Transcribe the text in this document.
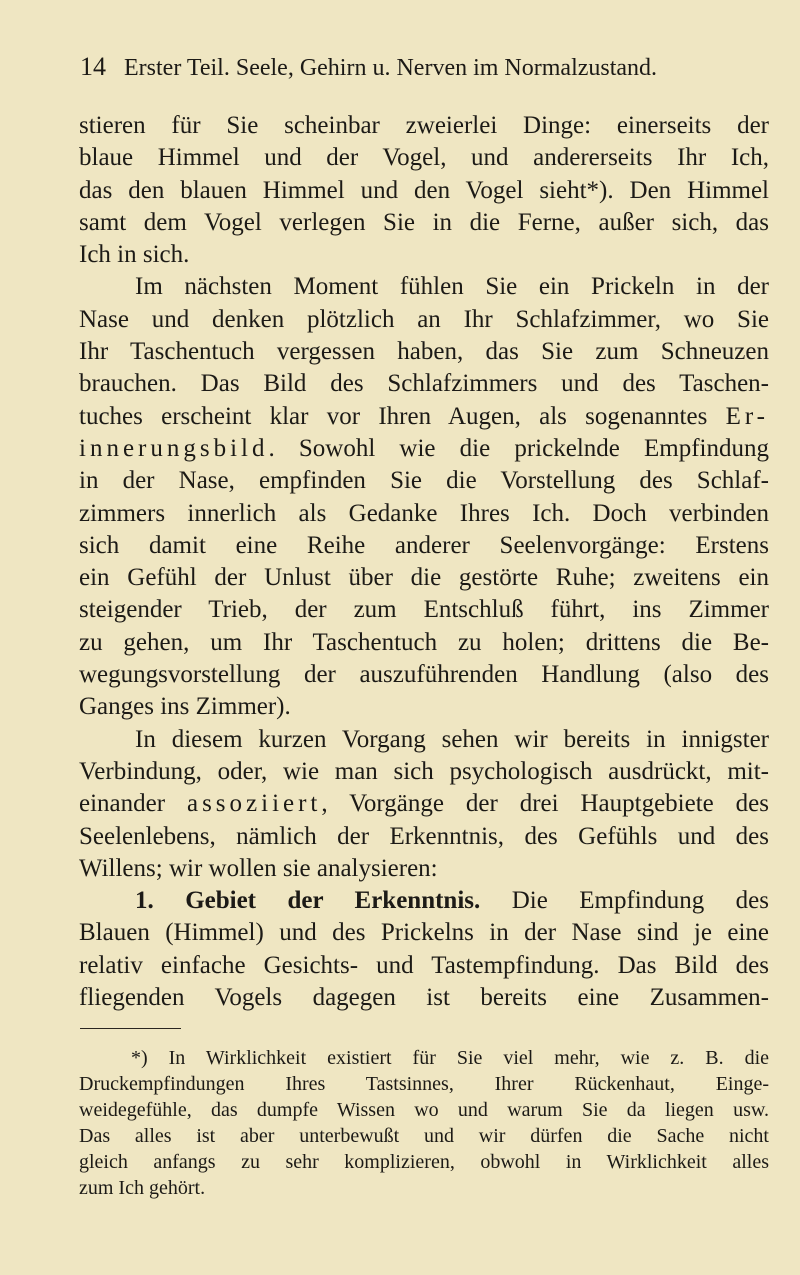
14 Erster Teil. Seele, Gehirn u. Nerven im Normalzustand.
stieren für Sie scheinbar zweierlei Dinge: einerseits der
blaue Himmel und der Vogel, und andererseits Ihr Ich,
das den blauen Himmel und den Vogel sieht*). Den Himmel
samt dem Vogel verlegen Sie in die Ferne, außer sich, das
Ich in sich.
Im nächsten Moment fühlen Sie ein Prickeln in der
Nase und denken plötzlich an Ihr Schlafzimmer, wo Sie
Ihr Taschentuch vergessen haben, das Sie zum Schneuzen
brauchen. Das Bild des Schlafzimmers und des Taschen-
tuches erscheint klar vor Ihren Augen, als sogenanntes Er-
innerungsbild. Sowohl wie die prickelnde Empfindung
in der Nase, empfinden Sie die Vorstellung des Schlaf-
zimmers innerlich als Gedanke Ihres Ich. Doch verbinden
sich damit eine Reihe anderer Seelenvorgänge: Erstens
ein Gefühl der Unlust über die gestörte Ruhe; zweitens ein
steigender Trieb, der zum Entschluß führt, ins Zimmer
zu gehen, um Ihr Taschentuch zu holen; drittens die Be-
wegungsvorstellung der auszuführenden Handlung (also des
Ganges ins Zimmer).
In diesem kurzen Vorgang sehen wir bereits in innigster
Verbindung, oder, wie man sich psychologisch ausdrückt, mit-
einander assoziiert, Vorgänge der drei Hauptgebiete des
Seelenlebens, nämlich der Erkenntnis, des Gefühls und des
Willens; wir wollen sie analysieren:
1. Gebiet der Erkenntnis. Die Empfindung des
Blauen (Himmel) und des Prickelns in der Nase sind je eine
relativ einfache Gesichts- und Tastempfindung. Das Bild des
fliegenden Vogels dagegen ist bereits eine Zusammen-
*) In Wirklichkeit existiert für Sie viel mehr, wie z. B. die
Druckempfindungen Ihres Tastsinnes, Ihrer Rückenhaut, Einge-
weidegefühle, das dumpfe Wissen wo und warum Sie da liegen usw.
Das alles ist aber unterbewußt und wir dürfen die Sache nicht
gleich anfangs zu sehr komplizieren, obwohl in Wirklichkeit alles
zum Ich gehört.
